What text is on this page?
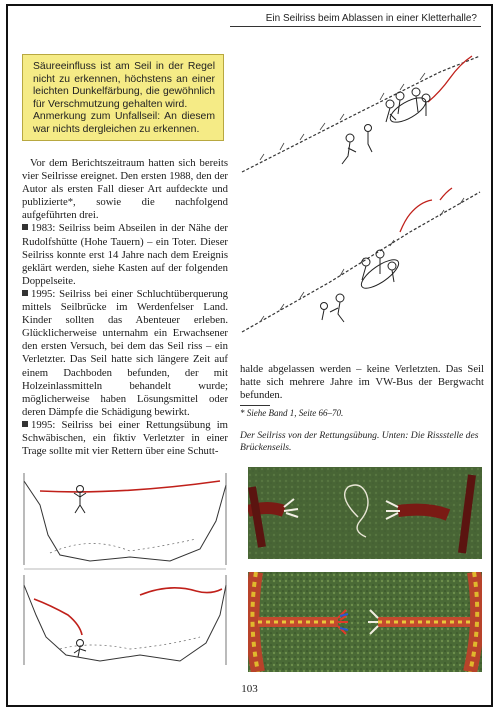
Ein Seilriss beim Ablassen in einer Kletterhalle?

Säureeinfluss ist am Seil in der Regel nicht zu erkennen, höchstens an einer leichten Dunkelfärbung, die gewöhnlich für Verschmutzung gehalten wird.

Anmerkung zum Unfallseil: An diesem war nichts dergleichen zu erkennen.

Vor dem Berichtszeitraum hatten sich bereits vier Seilrisse ereignet. Den ersten 1988, den der Autor als ersten Fall dieser Art aufdeckte und publizierte*, sowie die nachfolgend aufgeführten drei.

1983: Seilriss beim Abseilen in der Nähe der Rudolfshütte (Hohe Tauern) – ein Toter. Dieser Seilriss konnte erst 14 Jahre nach dem Ereignis geklärt werden, siehe Kasten auf der folgenden Doppelseite.

1995: Seilriss bei einer Schluchtüberquerung mittels Seilbrücke im Werdenfelser Land. Kinder sollten das Abenteuer erleben. Glücklicherweise unternahm ein Erwachsener den ersten Versuch, bei dem das Seil riss – ein Verletzter. Das Seil hatte sich längere Zeit auf einem Dachboden befunden, der mit Holzeinlassmitteln behandelt wurde; möglicherweise haben Lösungsmittel oder deren Dämpfe die Schädigung bewirkt.

1995: Seilriss bei einer Rettungsübung im Schwäbischen, ein fiktiv Verletzter in einer Trage sollte mit vier Rettern über eine Schutt-

halde abgelassen werden – keine Verletzten. Das Seil hatte sich mehrere Jahre im VW-Bus der Bergwacht befunden.

* Siehe Band 1, Seite 66–70.
Der Seilriss von der Rettungsübung. Unten: Die Rissstelle des Brückenseils.
103
